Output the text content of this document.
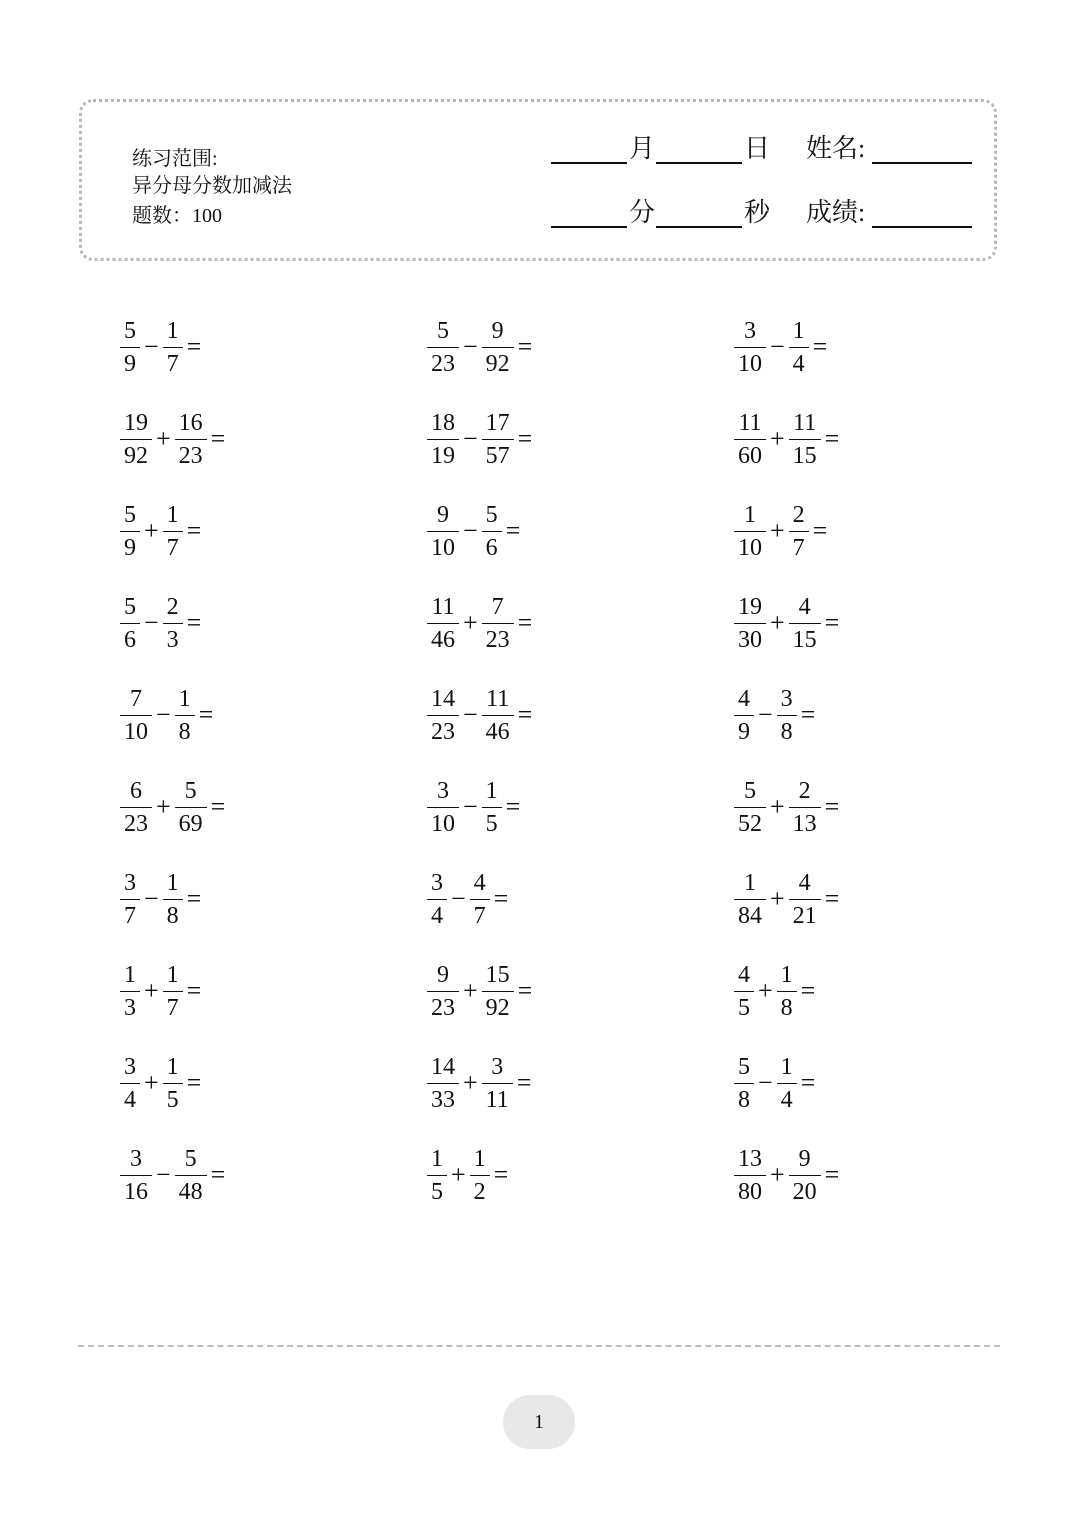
练习范围:
异分母分数加减法
题数：100
月	日 姓名:
分	秒 成绩:
$\frac{5}{9} - \frac{1}{7}$ =
$\frac{19}{92} + \frac{16}{23}$ =
$\frac{5}{9} + \frac{1}{7}$ =
$\frac{5}{6} - \frac{2}{3}$ =
$\frac{7}{10} - \frac{1}{8}$ =
$\frac{6}{23} + \frac{5}{69}$ =
$\frac{3}{7} - \frac{1}{8}$ =
$\frac{1}{3} + \frac{1}{7}$ =
$\frac{3}{4} + \frac{1}{5}$ =
$\frac{3}{16} - \frac{5}{48}$ =
$\frac{5}{23} - \frac{9}{92}$ =
$\frac{18}{19} - \frac{17}{57}$ =
$\frac{9}{10} - \frac{5}{6}$ =
$\frac{11}{46} + \frac{7}{23}$ =
$\frac{14}{23} - \frac{11}{46}$ =
$\frac{3}{10} - \frac{1}{5}$ =
$\frac{3}{4} - \frac{4}{7}$ =
$\frac{9}{23} + \frac{15}{92}$ =
$\frac{14}{33} + \frac{3}{11}$ =
$\frac{1}{5} + \frac{1}{2}$ =
$\frac{3}{10} - \frac{1}{4}$ =
$\frac{11}{60} + \frac{11}{15}$ =
$\frac{1}{10} + \frac{2}{7}$ =
$\frac{19}{30} + \frac{4}{15}$ =
$\frac{4}{9} - \frac{3}{8}$ =
$\frac{5}{52} + \frac{2}{13}$ =
$\frac{1}{84} + \frac{4}{21}$ =
$\frac{4}{5} + \frac{1}{8}$ =
$\frac{5}{8} - \frac{1}{4}$ =
$\frac{13}{80} + \frac{9}{20}$ =
1
